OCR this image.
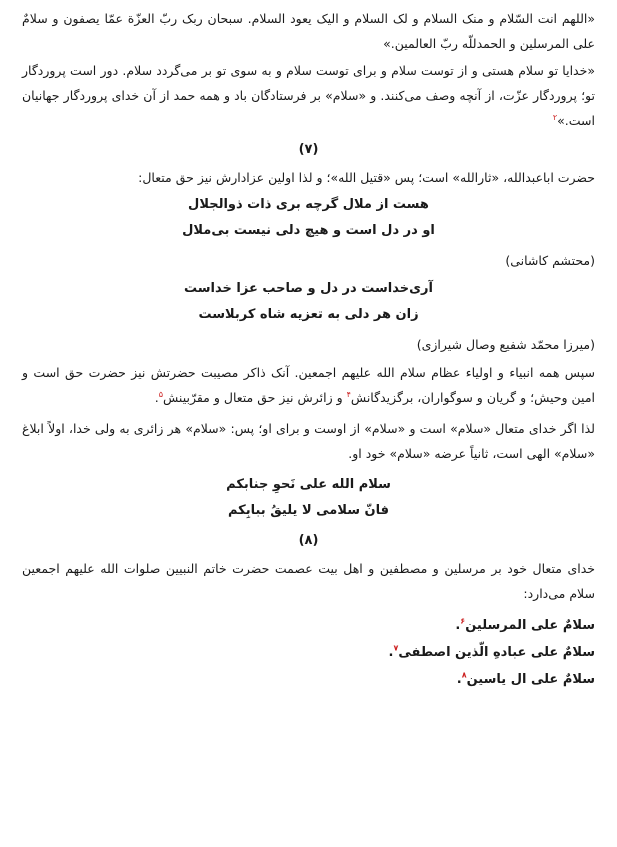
«اللهم انت السّلام و منک السلام و لک السلام و الیک یعود السلام. سبحان ربک ربّ العزّة عمّا یصفون و سلامٌ علی المرسلین و الحمدللّه ربّ العالمین.»

«خدایا تو سلام هستی و از توست سلام و برای توست سلام و به سوی تو بر می‌گردد سلام. دور است پروردگار تو؛ پروردگار عزّت، از آنچه وصف می‌کنند. و «سلام» بر فرستادگان باد و همه حمد از آن خدای پروردگار جهانیان است.»$^۲$

(۷)

حضرت اباعبدالله، «ثارالله» است؛ پس «قتیل الله»؛ و لذا اولین عزادارش نیز حق متعال:

هست از ملال گرچه بری ذات ذوالجلال

او در دل است و هیچ دلی نیست بی‌ملال

(محتشم کاشانی)

آری‌خداست در دل و صاحب عزا خداست

زان هر دلی به تعزیه شاه کربلاست

(میرزا محمّد شفیع وصال شیرازی)

سپس همه انبیاء و اولیاء عظام سلام الله علیهم اجمعین. آنک ذاکر مصیبت حضرتش نیز حضرت حق است و امین وحیش؛ و گریان و سوگواران، برگزیدگانش$^۴$ و زائرش نیز حق متعال و مقرّبینش$^۵$.

لذا اگر خدای متعال «سلام» است و «سلام» از اوست و برای او؛ پس: «سلام» هر زائری به ولی خدا، اولاً ابلاغ «سلام» الهی است، ثانیاً عرضه «سلام» خود او.

سلام الله علی نَحوِ جنابکم

فانّ سلامی لا یلیقُ ببابِکم

(۸)

خدای متعال خود بر مرسلین و مصطفین و اهل بیت عصمت حضرت خاتم النبیین صلوات الله علیهم اجمعین سلام می‌دارد:

سلامٌ علی المرسلین$^۶$.

سلامٌ علی عبادهِ الّذین اصطفی$^۷$.

سلامٌ علی ال یاسین$^۸$.
